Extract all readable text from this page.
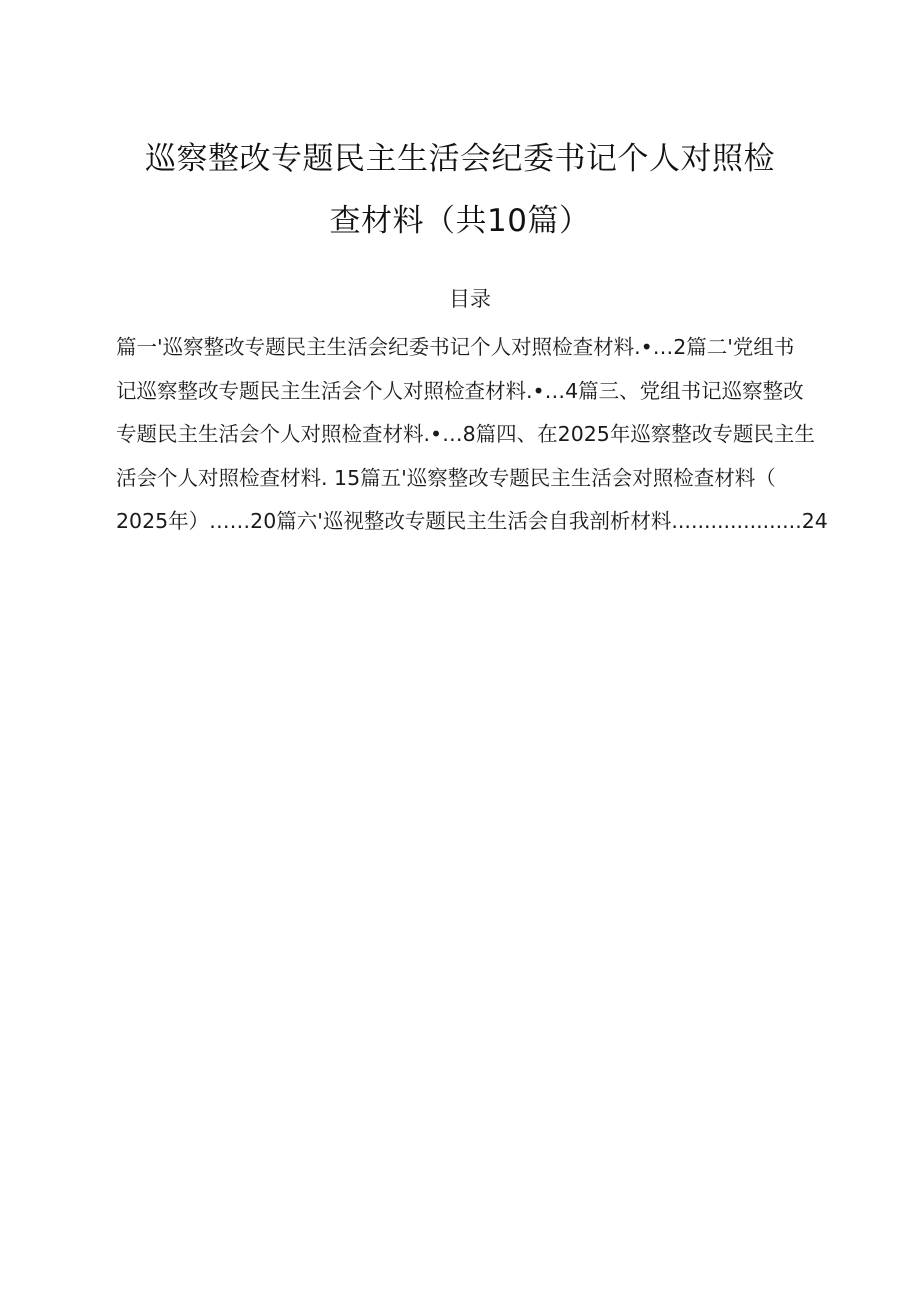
巡察整改专题民主生活会纪委书记个人对照检
查材料（共10篇）
目录
篇一'巡察整改专题民主生活会纪委书记个人对照检查材料.•…2篇二'党组书
记巡察整改专题民主生活会个人对照检查材料.•…4篇三、党组书记巡察整改
专题民主生活会个人对照检查材料.•…8篇四、在2025年巡察整改专题民主生
活会个人对照检查材料. 15篇五'巡察整改专题民主生活会对照检查材料（
2025年）……20篇六'巡视整改专题民主生活会自我剖析材料....................24
